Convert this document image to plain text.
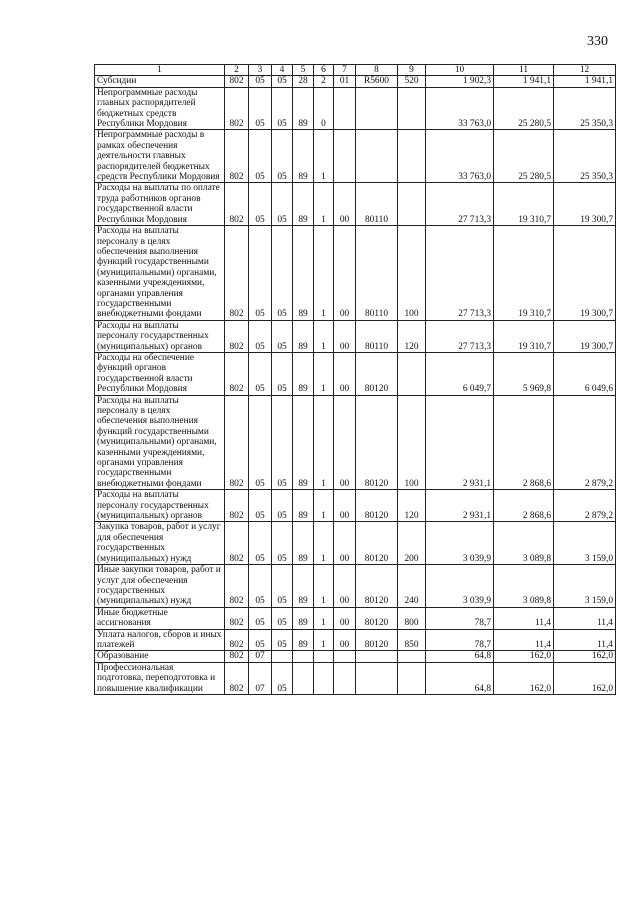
330
1	2	3	4	5	6	7	8	9	10	11	12
Субсидии	802	05	05	28	2	01	R5600	520	1 902,3	1 941,1	1 941,1
Непрограммные расходы главных распорядителей бюджетных средств Республики Мордовия	802	05	05	89	0				33 763,0	25 280,5	25 350,3
Непрограммные расходы в рамках обеспечения деятельности главных распорядителей бюджетных средств Республики Мордовия	802	05	05	89	1				33 763,0	25 280,5	25 350,3
Расходы на выплаты по оплате труда работников органов государственной власти Республики Мордовия	802	05	05	89	1	00	80110		27 713,3	19 310,7	19 300,7
Расходы на выплаты персоналу в целях обеспечения выполнения функций государственными (муниципальными) органами, казенными учреждениями, органами управления государственными внебюджетными фондами	802	05	05	89	1	00	80110	100	27 713,3	19 310,7	19 300,7
Расходы на выплаты персоналу государственных (муниципальных) органов	802	05	05	89	1	00	80110	120	27 713,3	19 310,7	19 300,7
Расходы на обеспечение функций органов государственной власти Республики Мордовия	802	05	05	89	1	00	80120		6 049,7	5 969,8	6 049,6
Расходы на выплаты персоналу в целях обеспечения выполнения функций государственными (муниципальными) органами, казенными учреждениями, органами управления государственными внебюджетными фондами	802	05	05	89	1	00	80120	100	2 931,1	2 868,6	2 879,2
Расходы на выплаты персоналу государственных (муниципальных) органов	802	05	05	89	1	00	80120	120	2 931,1	2 868,6	2 879,2
Закупка товаров, работ и услуг для обеспечения государственных (муниципальных) нужд	802	05	05	89	1	00	80120	200	3 039,9	3 089,8	3 159,0
Иные закупки товаров, работ и услуг для обеспечения государственных (муниципальных) нужд	802	05	05	89	1	00	80120	240	3 039,9	3 089,8	3 159,0
Иные бюджетные ассигнования	802	05	05	89	1	00	80120	800	78,7	11,4	11,4
Уплата налогов, сборов и иных платежей	802	05	05	89	1	00	80120	850	78,7	11,4	11,4
Образование	802	07							64,8	162,0	162,0
Профессиональная подготовка, переподготовка и повышение квалификации	802	07	05						64,8	162,0	162,0
